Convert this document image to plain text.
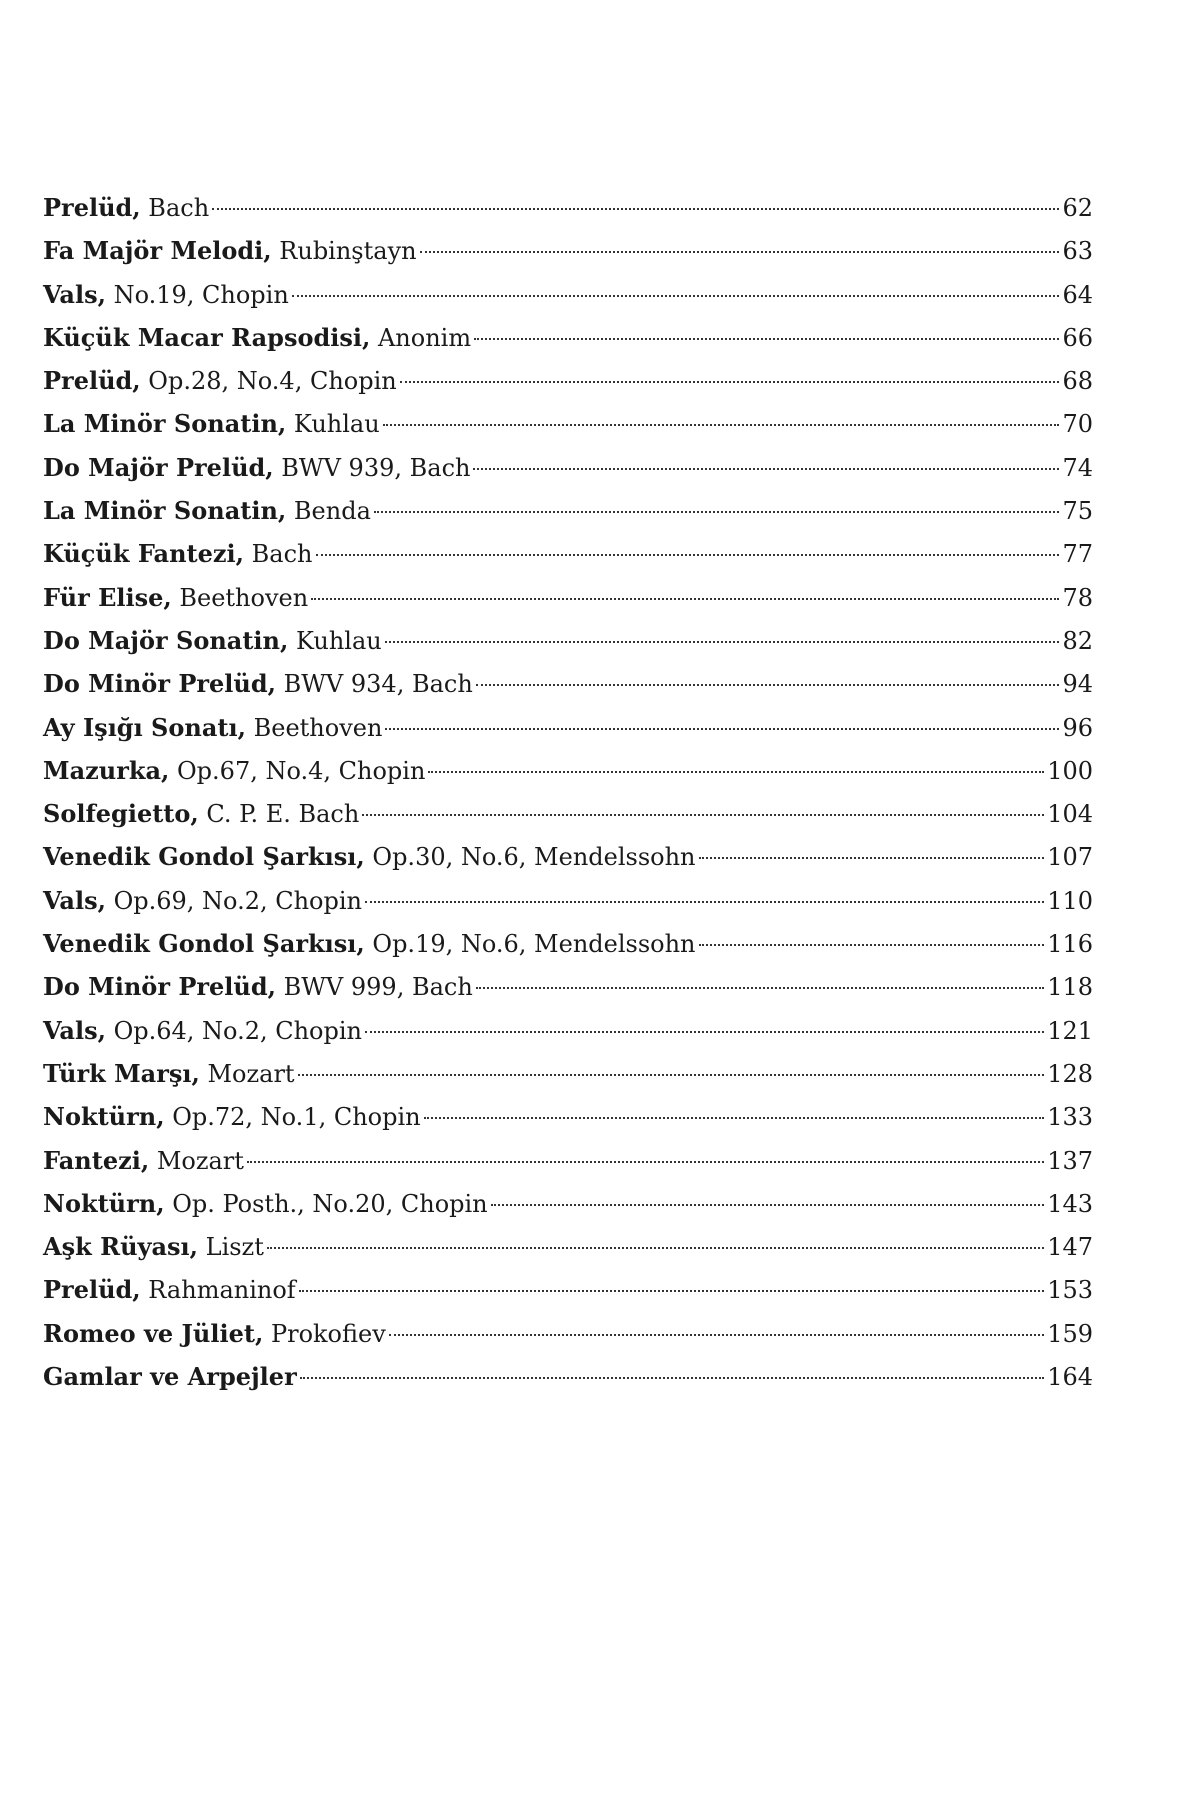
Prelüd, Bach	62
Fa Majör Melodi, Rubinştayn	63
Vals, No.19, Chopin	64
Küçük Macar Rapsodisi, Anonim	66
Prelüd, Op.28, No.4, Chopin	68
La Minör Sonatin, Kuhlau	70
Do Majör Prelüd, BWV 939, Bach	74
La Minör Sonatin, Benda	75
Küçük Fantezi, Bach	77
Für Elise, Beethoven	78
Do Majör Sonatin, Kuhlau	82
Do Minör Prelüd, BWV 934, Bach	94
Ay Işığı Sonatı, Beethoven	96
Mazurka, Op.67, No.4, Chopin	100
Solfegietto, C. P. E. Bach	104
Venedik Gondol Şarkısı, Op.30, No.6, Mendelssohn	107
Vals, Op.69, No.2, Chopin	110
Venedik Gondol Şarkısı, Op.19, No.6, Mendelssohn	116
Do Minör Prelüd, BWV 999, Bach	118
Vals, Op.64, No.2, Chopin	121
Türk Marşı, Mozart	128
Noktürn, Op.72, No.1, Chopin	133
Fantezi, Mozart	137
Noktürn, Op. Posth., No.20, Chopin	143
Aşk Rüyası, Liszt	147
Prelüd, Rahmaninof	153
Romeo ve Jüliet, Prokofiev	159
Gamlar ve Arpejler	164
